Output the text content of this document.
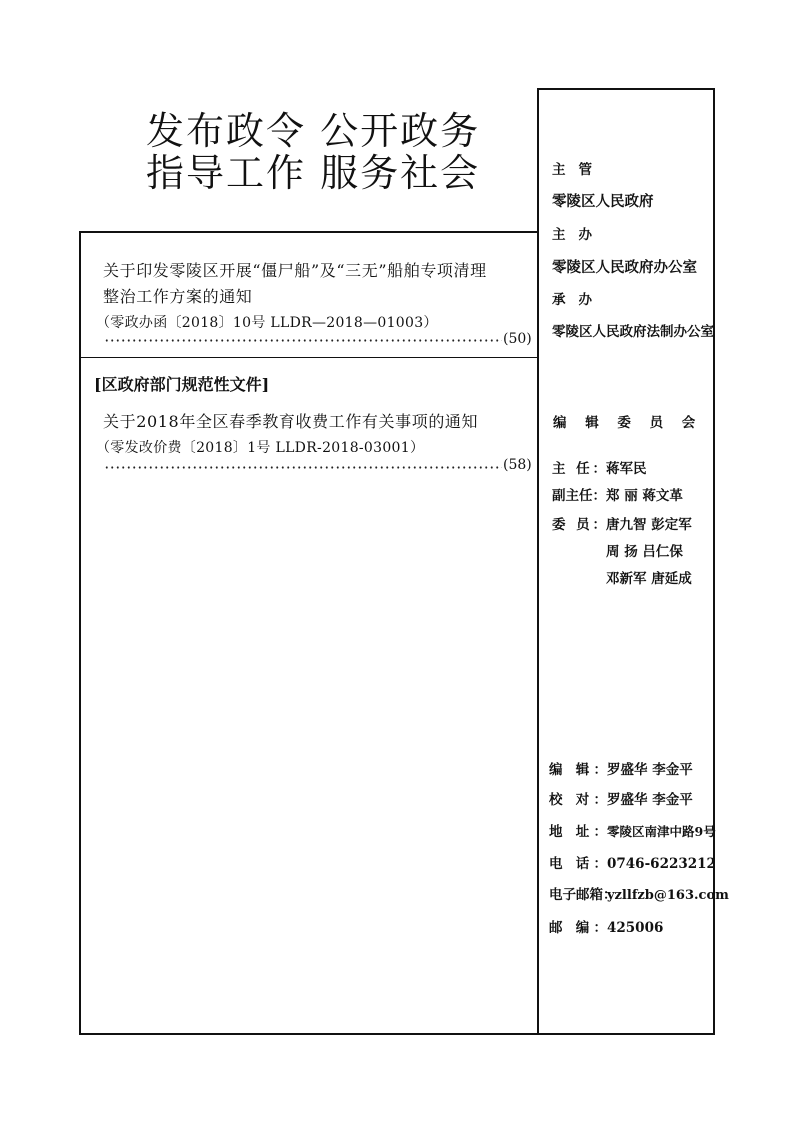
发布政令 公开政务
指导工作 服务社会
关于印发零陵区开展“僵尸船”及“三无”船舶专项清理
整治工作方案的通知
（零政办函〔2018〕10号 LLDR—2018—01003）
(50)
[区政府部门规范性文件]
关于2018年全区春季教育收费工作有关事项的通知
（零发改价费〔2018〕1号 LLDR-2018-03001）
(58)
主 管
零陵区人民政府
主 办
零陵区人民政府办公室
承 办
零陵区人民政府法制办公室
编 辑 委 员 会
主 任：蒋军民
副主任：郑 丽 蒋文革
委 员：唐九智 彭定军
周 扬 吕仁保
邓新军 唐延成
编 辑：罗盛华 李金平
校 对：罗盛华 李金平
地 址：零陵区南津中路9号
电 话：0746-6223212
电子邮箱：yzllfzb@163.com
邮 编：425006
